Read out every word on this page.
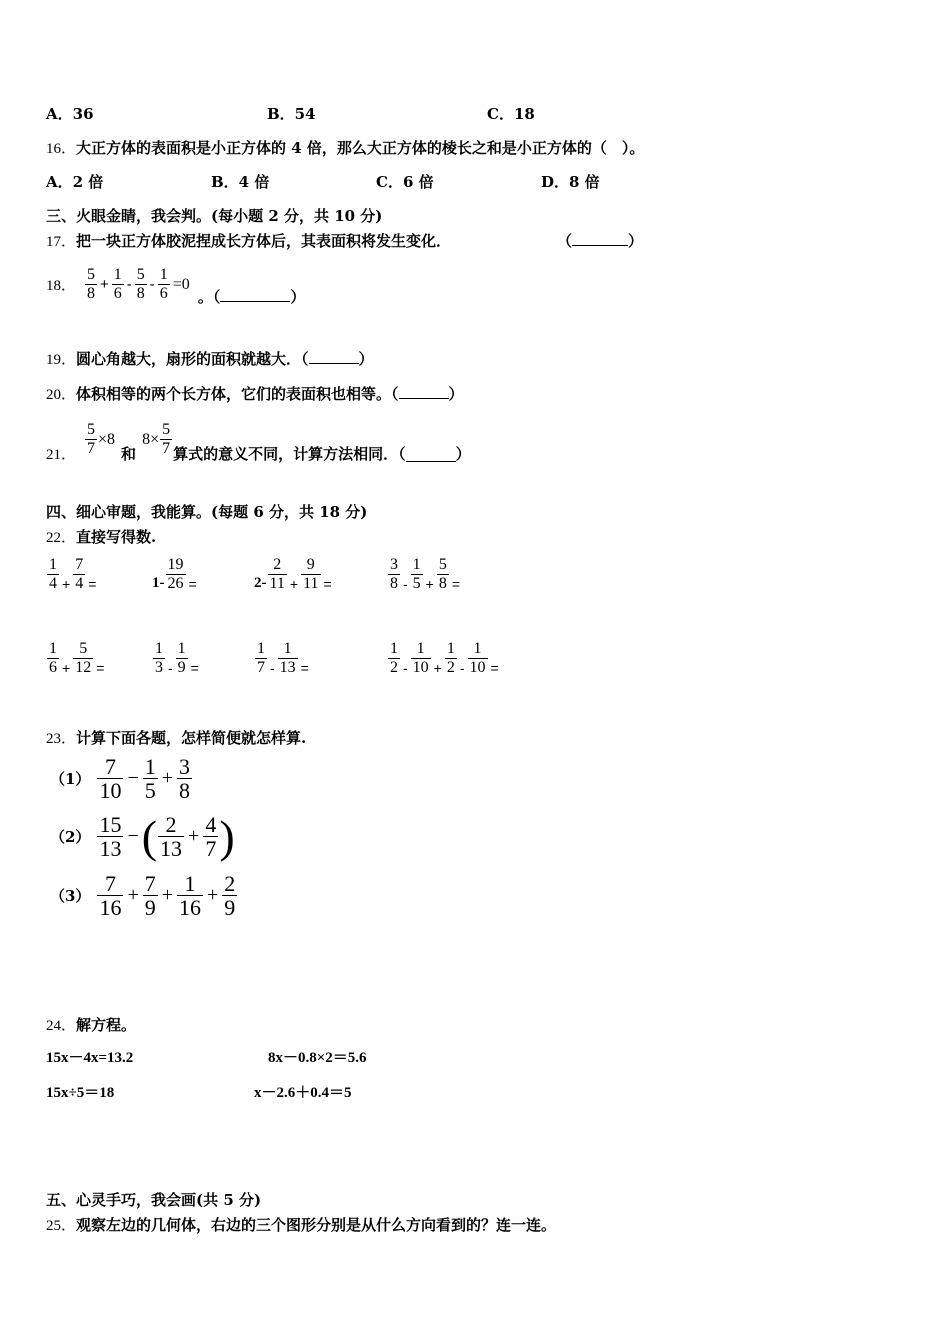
A．36	B．54	C．18
16．大正方体的表面积是小正方体的 4 倍，那么大正方体的棱长之和是小正方体的（　）。
A．2 倍	B．4 倍	C．6 倍	D．8 倍
三、火眼金睛，我会判。(每小题 2 分，共 10 分)
17．把一块正方体胶泥捏成长方体后，其表面积将发生变化．	（	）
18． $\frac{5}{8} + \frac{1}{6} - \frac{5}{8} - \frac{1}{6} =0$
。（	）
19．圆心角越大，扇形的面积就越大．（	）
20．体积相等的两个长方体，它们的表面积也相等。（	）
21． $\frac{5}{7} \times 8$
和
$8\times \frac{5}{7}$ 算式的意义不同，计算方法相同．（	）
四、细心审题，我能算。(每题 6 分，共 18 分)
22．直接写得数.
$\frac{1}{4} + \frac{7}{4}$ =	$1- \frac{19}{26}$ =	$2- \frac{2}{11} + \frac{9}{11}$ =	$\frac{3}{8} - \frac{1}{5} + \frac{5}{8}$ =
$\frac{1}{6} + \frac{5}{12}$ =	$\frac{1}{3} - \frac{1}{9}$ =	$\frac{1}{7} - \frac{1}{13}$ =	$\frac{1}{2} - \frac{1}{10} + \frac{1}{2} - \frac{1}{10}$ =
23．计算下面各题，怎样简便就怎样算.
$(1) \frac{7}{10} - \frac{1}{5} + \frac{3}{8}$
$(2) \frac{15}{13}$ − ( $\frac{2}{13} + \frac{4}{7}$ )
$(3) \frac{7}{16} + \frac{7}{9} + \frac{1}{16} + \frac{2}{9}$
24．解方程。
15x－4x=13.2	8x－0.8×2＝5.6
15x÷5＝18	x－2.6＋0.4＝5
五、心灵手巧，我会画(共 5 分)
25．观察左边的几何体，右边的三个图形分别是从什么方向看到的？连一连。
